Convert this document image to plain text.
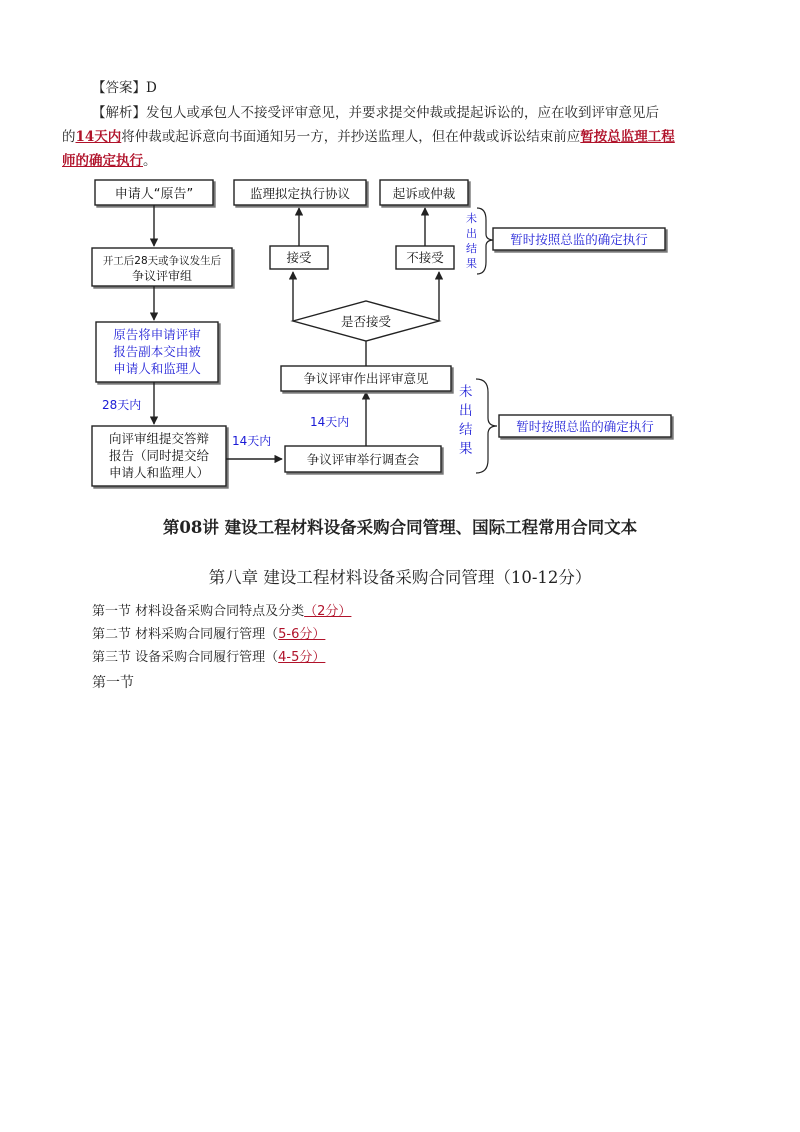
【答案】D
【解析】发包人或承包人不接受评审意见，并要求提交仲裁或提起诉讼的，应在收到评审意见后
的14天内将仲裁或起诉意向书面通知另一方，并抄送监理人，但在仲裁或诉讼结束前应暂按总监理工程
师的确定执行。
申请人“原告”
开工后28天或争议发生后
争议评审组
原告将申请评审
报告副本交由被
申请人和监理人
28天内
向评审组提交答辩
报告（同时提交给
申请人和监理人）
14天内
争议评审举行调查会
14天内
争议评审作出评审意见
是否接受
接受	不接受
监理拟定执行协议	起诉或仲裁
未
出
结
果
暂时按照总监的确定执行
未
出
结
果
暂时按照总监的确定执行
第08讲 建设工程材料设备采购合同管理、国际工程常用合同文本
第八章 建设工程材料设备采购合同管理（10-12分）
第一节 材料设备采购合同特点及分类（2分）
第二节 材料采购合同履行管理（5-6分）
第三节 设备采购合同履行管理（4-5分）
第一节
